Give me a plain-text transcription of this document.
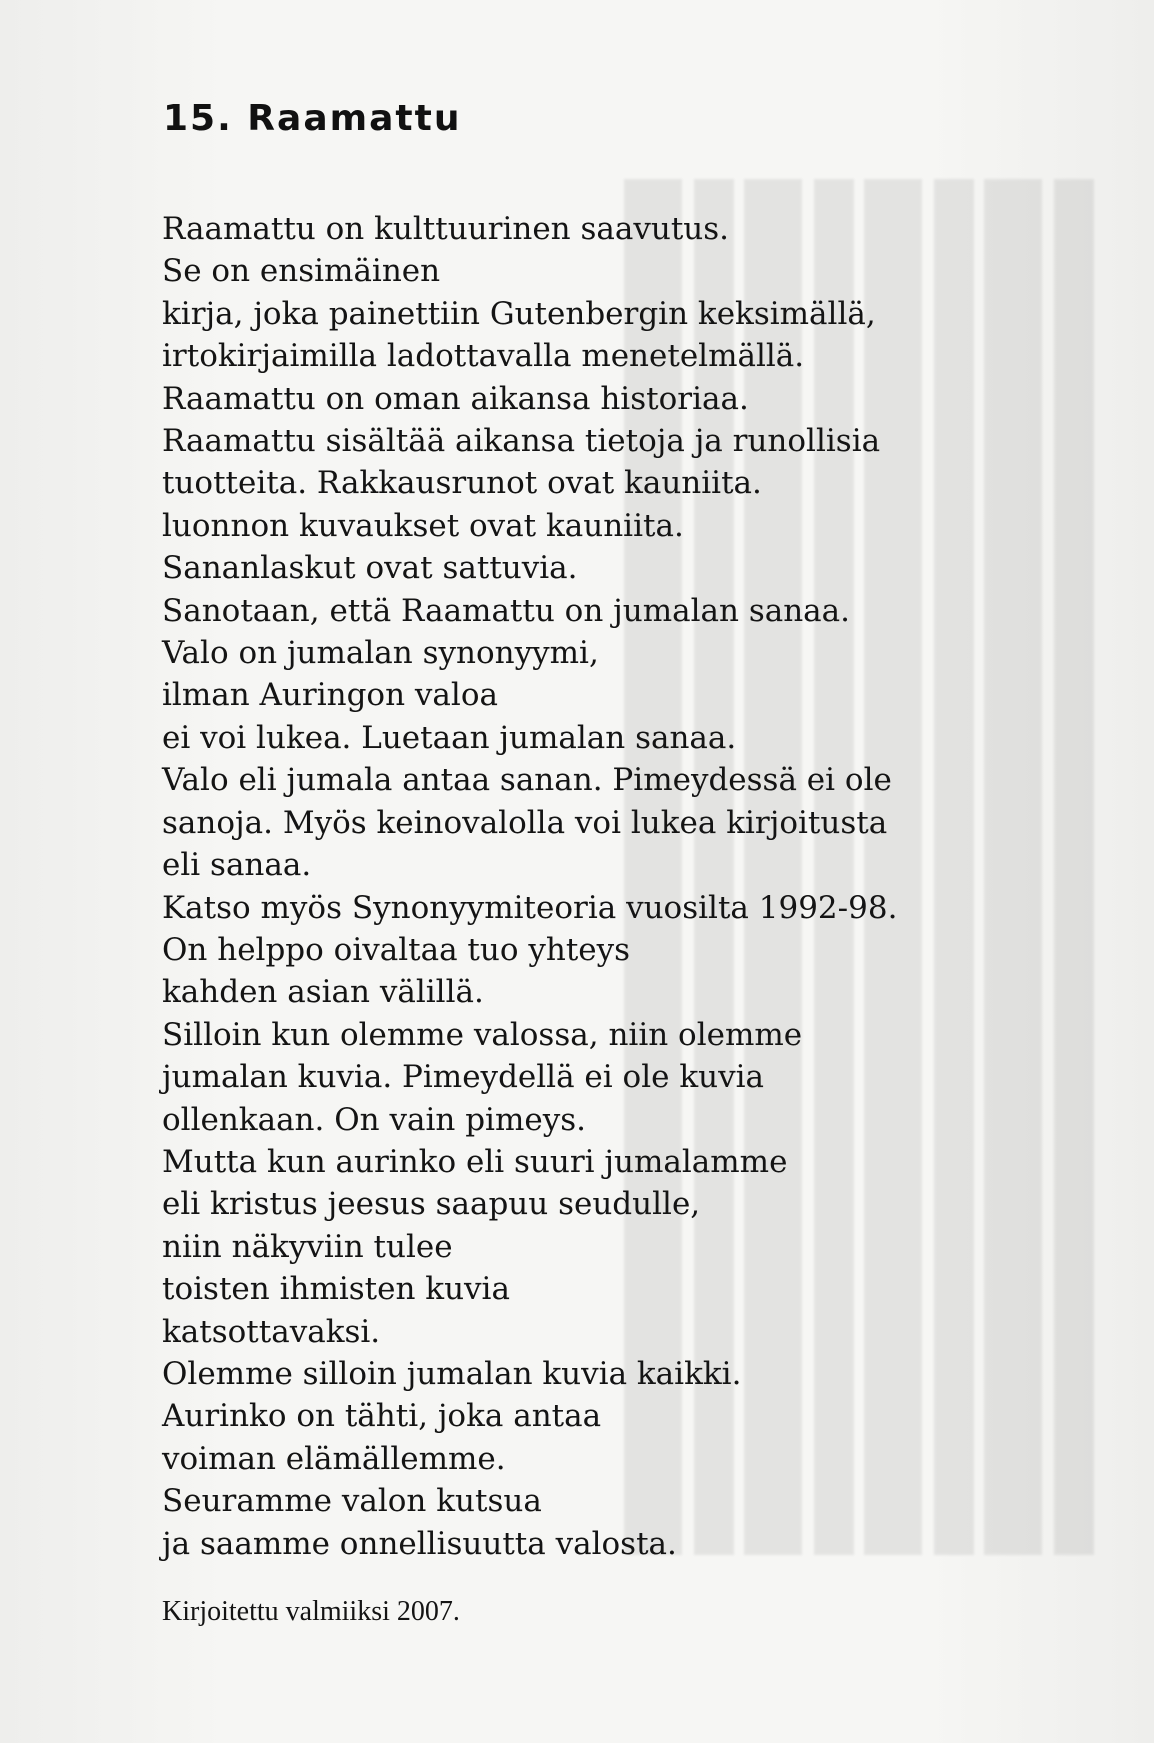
15. Raamattu
Raamattu on kulttuurinen saavutus.
Se on ensimäinen
kirja, joka painettiin Gutenbergin keksimällä,
irtokirjaimilla ladottavalla menetelmällä.
Raamattu on oman aikansa historiaa.
Raamattu sisältää aikansa tietoja ja runollisia
tuotteita. Rakkausrunot ovat kauniita.
luonnon kuvaukset ovat kauniita.
Sananlaskut ovat sattuvia.
Sanotaan, että Raamattu on jumalan sanaa.
Valo on jumalan synonyymi,
ilman Auringon valoa
ei voi lukea. Luetaan jumalan sanaa.
Valo eli jumala antaa sanan. Pimeydessä ei ole
sanoja. Myös keinovalolla voi lukea kirjoitusta
eli sanaa.
Katso myös Synonyymiteoria vuosilta 1992-98.
On helppo oivaltaa tuo yhteys
kahden asian välillä.
Silloin kun olemme valossa, niin olemme
jumalan kuvia. Pimeydellä ei ole kuvia
ollenkaan. On vain pimeys.
Mutta kun aurinko eli suuri jumalamme
eli kristus jeesus saapuu seudulle,
niin näkyviin tulee
toisten ihmisten kuvia
katsottavaksi.
Olemme silloin jumalan kuvia kaikki.
Aurinko on tähti, joka antaa
voiman elämällemme.
Seuramme valon kutsua
ja saamme onnellisuutta valosta.

Kirjoitettu valmiiksi 2007.
